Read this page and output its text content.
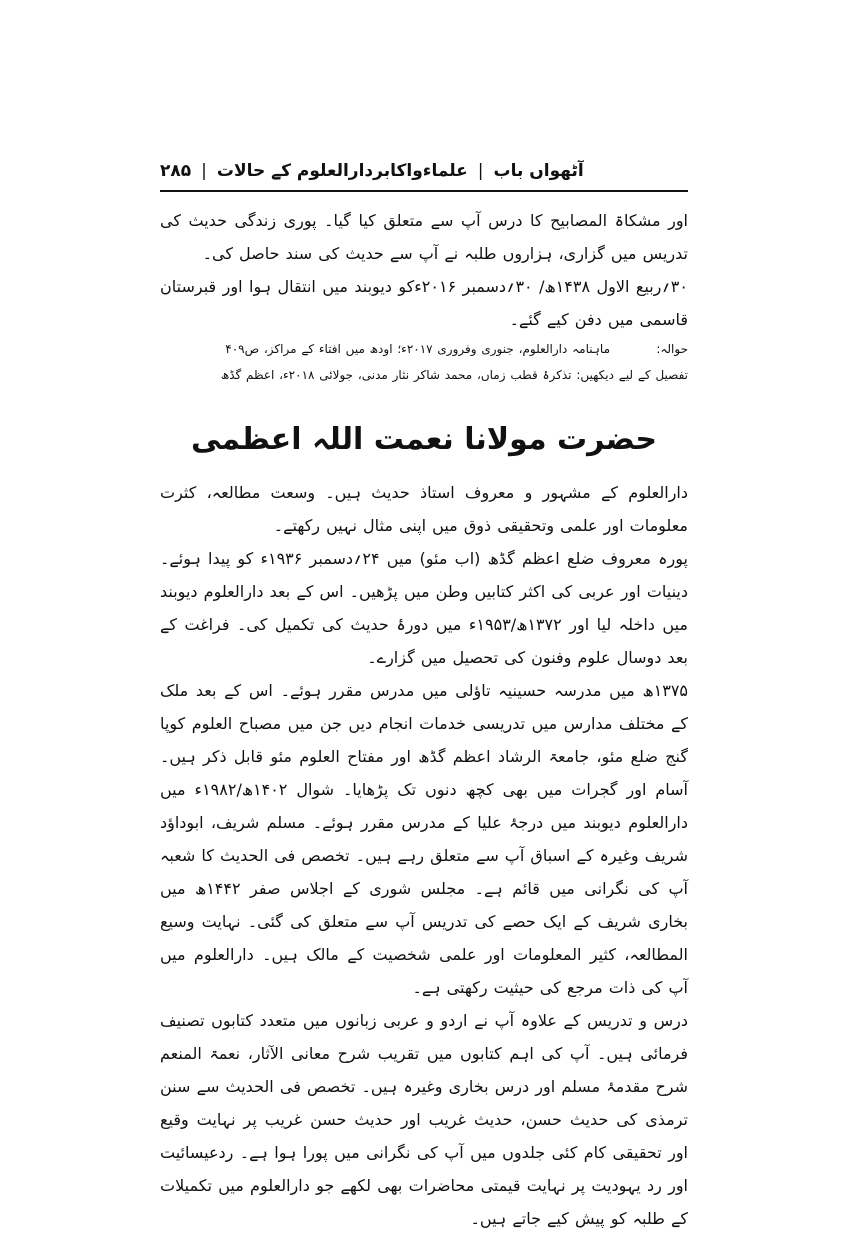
آٹھواں باب
|
علماءواکابردارالعلوم کے حالات
|
۲۸۵

اور مشکاۃ المصابیح کا درس آپ سے متعلق کیا گیا۔ پوری زندگی حدیث کی تدریس میں گزاری، ہزاروں طلبہ نے آپ سے حدیث کی سند حاصل کی۔

۳۰؍ربیع الاول ۱۴۳۸ھ/ ۳۰؍دسمبر ۲۰۱۶ءکو دیوبند میں انتقال ہوا اور قبرستان قاسمی میں دفن کیے گئے۔

حوالہ:ماہنامہ دارالعلوم، جنوری وفروری ۲۰۱۷ء؛ اودھ میں افتاء کے مراکز، ص۴۰۹

تفصیل کے لیے دیکھیں: تذکرۂ قطب زماں، محمد شاکر نثار مدنی، جولائی ۲۰۱۸ء، اعظم گڈھ

حضرت مولانا نعمت اللہ اعظمی

دارالعلوم کے مشہور و معروف استاذ حدیث ہیں۔ وسعت مطالعہ، کثرت معلومات اور علمی وتحقیقی ذوق میں اپنی مثال نہیں رکھتے۔

پورہ معروف ضلع اعظم گڈھ (اب مئو) میں ۲۴؍دسمبر ۱۹۳۶ء کو پیدا ہوئے۔ دینیات اور عربی کی اکثر کتابیں وطن میں پڑھیں۔ اس کے بعد دارالعلوم دیوبند میں داخلہ لیا اور ۱۳۷۲ھ/۱۹۵۳ء میں دورۂ حدیث کی تکمیل کی۔ فراغت کے بعد دوسال علوم وفنون کی تحصیل میں گزارے۔

۱۳۷۵ھ میں مدرسہ حسینیہ تاؤلی میں مدرس مقرر ہوئے۔ اس کے بعد ملک کے مختلف مدارس میں تدریسی خدمات انجام دیں جن میں مصباح العلوم کوپا گنج ضلع مئو، جامعۃ الرشاد اعظم گڈھ اور مفتاح العلوم مئو قابل ذکر ہیں۔ آسام اور گجرات میں بھی کچھ دنوں تک پڑھایا۔ شوال ۱۴۰۲ھ/۱۹۸۲ء میں دارالعلوم دیوبند میں درجۂ علیا کے مدرس مقرر ہوئے۔ مسلم شریف، ابوداؤد شریف وغیرہ کے اسباق آپ سے متعلق رہے ہیں۔ تخصص فی الحدیث کا شعبہ آپ کی نگرانی میں قائم ہے۔ مجلس شوری کے اجلاس صفر ۱۴۴۲ھ میں بخاری شریف کے ایک حصے کی تدریس آپ سے متعلق کی گئی۔ نہایت وسیع المطالعہ، کثیر المعلومات اور علمی شخصیت کے مالک ہیں۔ دارالعلوم میں آپ کی ذات مرجع کی حیثیت رکھتی ہے۔

درس و تدریس کے علاوہ آپ نے اردو و عربی زبانوں میں متعدد کتابوں تصنیف فرمائی ہیں۔ آپ کی اہم کتابوں میں تقریب شرح معانی الآثار، نعمۃ المنعم شرح مقدمۂ مسلم اور درس بخاری وغیرہ ہیں۔ تخصص فی الحدیث سے سنن ترمذی کی حدیث حسن، حدیث غریب اور حدیث حسن غریب پر نہایت وقیع اور تحقیقی کام کئی جلدوں میں آپ کی نگرانی میں پورا ہوا ہے۔ ردعیسائیت اور رد یہودیت پر نہایت قیمتی محاضرات بھی لکھے جو دارالعلوم میں تکمیلات کے طلبہ کو پیش کیے جاتے ہیں۔
